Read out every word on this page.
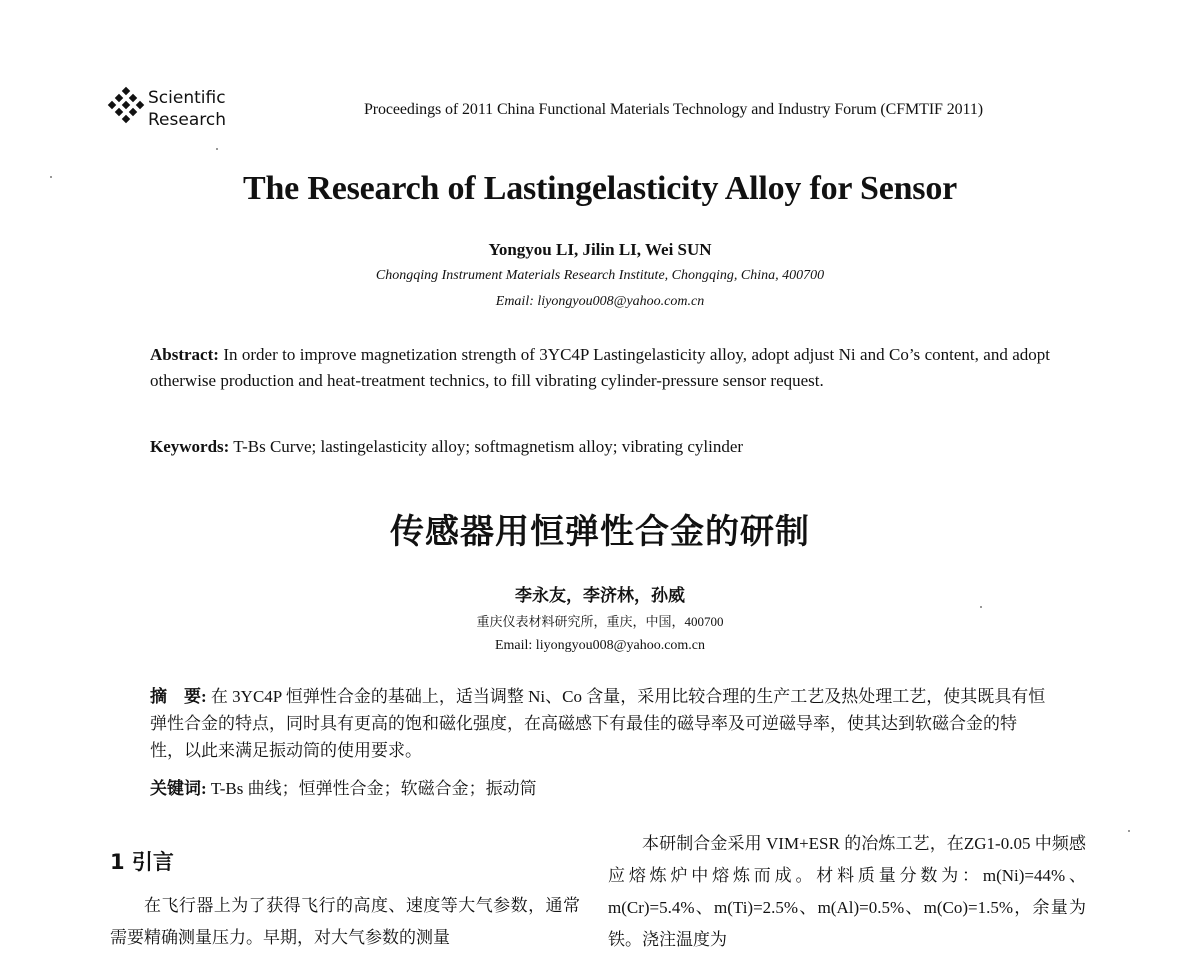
Scientific
Research
Proceedings of 2011 China Functional Materials Technology and Industry Forum (CFMTIF 2011)
The Research of Lastingelasticity Alloy for Sensor
Yongyou LI, Jilin LI, Wei SUN
Chongqing Instrument Materials Research Institute, Chongqing, China, 400700
Email: liyongyou008@yahoo.com.cn
Abstract: In order to improve magnetization strength of 3YC4P Lastingelasticity alloy, adopt adjust Ni and Co’s content, and adopt otherwise production and heat-treatment technics, to fill vibrating cylinder-pressure sensor request.
Keywords: T-Bs Curve; lastingelasticity alloy; softmagnetism alloy; vibrating cylinder
传感器用恒弹性合金的研制
李永友，李济林，孙威
重庆仪表材料研究所，重庆，中国，400700
Email: liyongyou008@yahoo.com.cn
摘　要: 在 3YC4P 恒弹性合金的基础上，适当调整 Ni、Co 含量，采用比较合理的生产工艺及热处理工艺，使其既具有恒弹性合金的特点，同时具有更高的饱和磁化强度，在高磁感下有最佳的磁导率及可逆磁导率，使其达到软磁合金的特性，以此来满足振动筒的使用要求。
关键词: T-Bs 曲线；恒弹性合金；软磁合金；振动筒
1 引言
在飞行器上为了获得飞行的高度、速度等大气参数，通常需要精确测量压力。早期，对大气参数的测量
本研制合金采用 VIM+ESR 的冶炼工艺，在ZG1-0.05 中频感应熔炼炉中熔炼而成。材料质量分数为：m(Ni)=44%、m(Cr)=5.4%、m(Ti)=2.5%、m(Al)=0.5%、m(Co)=1.5%，余量为铁。浇注温度为
